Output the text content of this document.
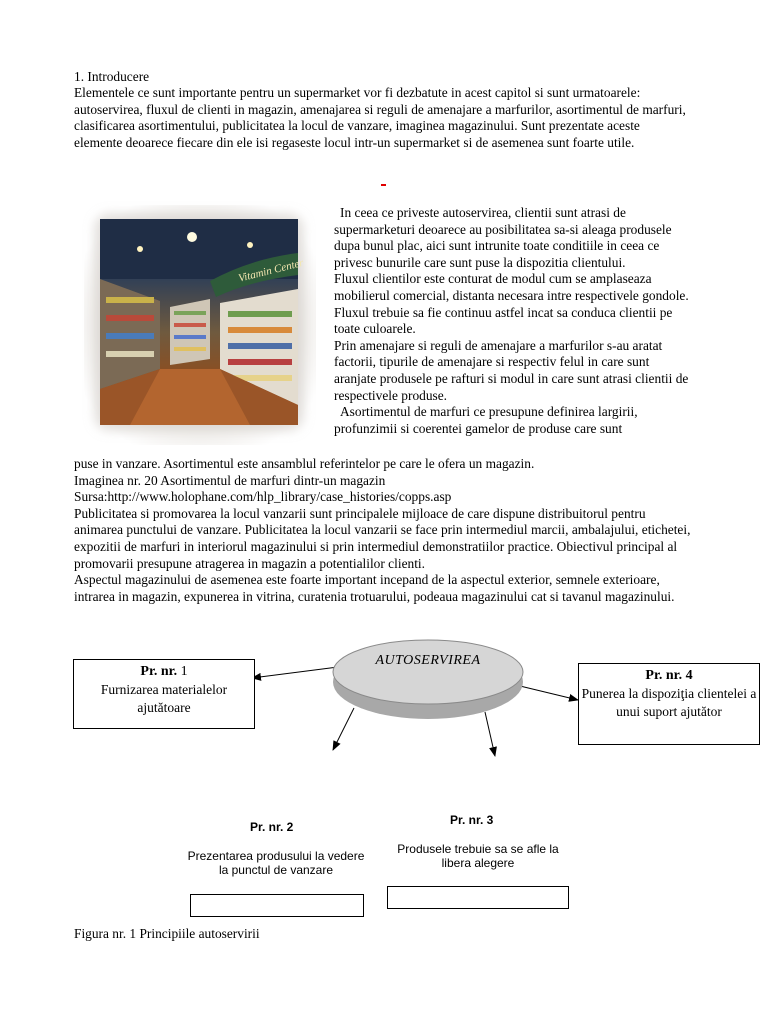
1. Introducere
Elementele ce sunt importante pentru un supermarket vor fi dezbatute in acest capitol si sunt urmatoarele: autoservirea, fluxul de clienti in magazin, amenajarea si reguli de amenajare a marfurilor, asortimentul de marfuri, clasificarea asortimentului, publicitatea la locul de vanzare, imaginea magazinului. Sunt prezentate aceste elemente deoarece fiecare din ele isi regaseste locul intr-un supermarket si de asemenea sunt foarte utile.
Vitamin Center

In ceea ce priveste autoservirea, clientii sunt atrasi de supermarketuri deoarece au posibilitatea sa-si aleaga produsele dupa bunul plac, aici sunt intrunite toate conditiile in ceea ce privesc bunurile care sunt puse la dispozitia clientului.

Fluxul clientilor este conturat de modul cum se amplaseaza mobilierul comercial, distanta necesara intre respectivele gondole. Fluxul trebuie sa fie continuu astfel incat sa conduca clientii pe toate culoarele.

Prin amenajare si reguli de amenajare a marfurilor s-au aratat factorii, tipurile de amenajare si respectiv felul in care sunt aranjate produsele pe rafturi si modul in care sunt atrasi clientii de respectivele produse.

Asortimentul de marfuri ce presupune definirea largirii, profunzimii si coerentei gamelor de produse care sunt

puse in vanzare. Asortimentul este ansamblul referintelor pe care le ofera un magazin.

Imaginea nr. 20 Asortimentul de marfuri dintr-un magazin

Sursa:http://www.holophane.com/hlp_library/case_histories/copps.asp

Publicitatea si promovarea la locul vanzarii sunt principalele mijloace de care dispune distribuitorul pentru animarea punctului de vanzare. Publicitatea la locul vanzarii se face prin intermediul marcii, ambalajului, etichetei, expozitii de marfuri in interiorul magazinului si prin intermediul demonstratiilor practice. Obiectivul principal al promovarii presupune atragerea in magazin a potentialilor clienti.

Aspectul magazinului de asemenea este foarte important incepand de la aspectul exterior, semnele exterioare, intrarea in magazin, expunerea in vitrina, curatenia trotuarului, podeaua magazinului cat si tavanul magazinului.

Pr. nr. 1
Furnizarea materialelor ajutătoare
AUTOSERVIREA
Pr. nr. 4
Punerea la dispoziţia clientelei a unui suport ajutător
Pr. nr. 2	Pr. nr. 3
Prezentarea produsului la vedere la punctul de vanzare
Produsele trebuie sa se afle la libera alegere
Figura nr. 1 Principiile autoservirii
